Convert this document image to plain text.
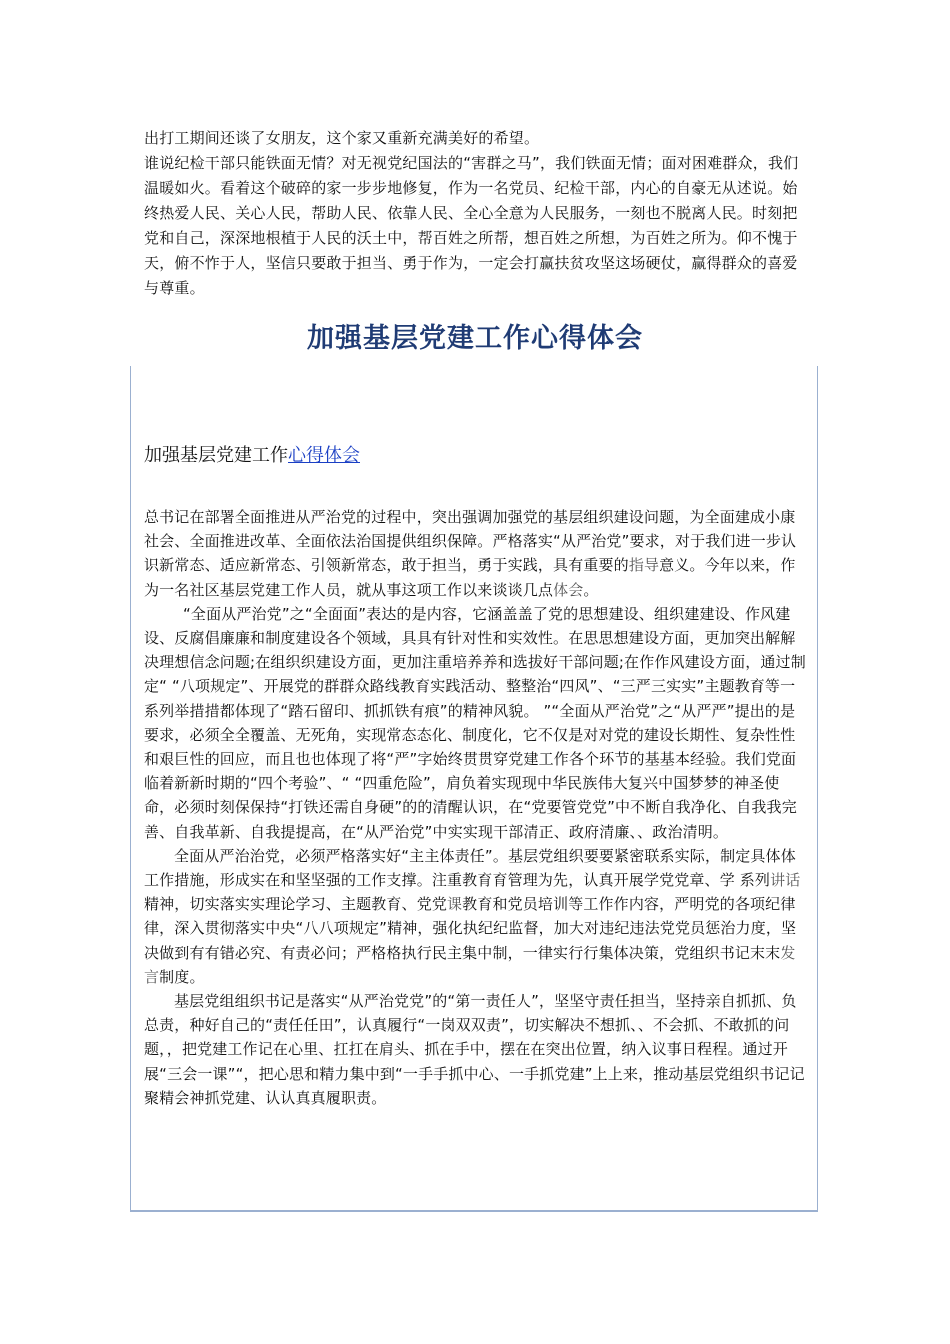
出打工期间还谈了女朋友，这个家又重新充满美好的希望。

谁说纪检干部只能铁面无情？对无视党纪国法的“害群之马”，我们铁面无情；面对困难群众，我们温暖如火。看着这个破碎的家一步步地修复，作为一名党员、纪检干部，内心的自豪无从述说。始终热爱人民、关心人民，帮助人民、依靠人民、全心全意为人民服务，一刻也不脱离人民。时刻把党和自己，深深地根植于人民的沃土中，帮百姓之所帮，想百姓之所想，为百姓之所为。仰不愧于天，俯不怍于人，坚信只要敢于担当、勇于作为，一定会打赢扶贫攻坚这场硬仗，赢得群众的喜爱与尊重。

加强基层党建工作心得体会
加强基层党建工作心得体会

总书记在部署全面推进从严治党的过程中，突出强调加强党的基层组织建设问题，为全面建成小康社会、全面推进改革、全面依法治国提供组织保障。严格落实“从严治党”要求，对于我们进一步认识新常态、适应新常态、引领新常态，敢于担当，勇于实践，具有重要的指导意义。今年以来，作为一名社区基层党建工作人员，就从事这项工作以来谈谈几点体会。

“全面从严治党”之“全面面”表达的是内容，它涵盖盖了党的思想建设、组织建建设、作风建设、反腐倡廉廉和制度建设各个领域，具具有针对性和实效性。在思思想建设方面，更加突出解解决理想信念问题;在组织织建设方面，更加注重培养养和选拔好干部问题;在作作风建设方面，通过制定“ “八项规定”、开展党的群群众路线教育实践活动、整整治“四风”、“三严三实实”主题教育等一系列举措措都体现了“踏石留印、抓抓铁有痕”的精神风貌。 ”“全面从严治党”之“从严严”提出的是要求，必须全全覆盖、无死角，实现常态态化、制度化，它不仅是对对党的建设长期性、复杂性性和艰巨性的回应，而且也也体现了将“严”字始终贯贯穿党建工作各个环节的基基本经验。我们党面临着新新时期的“四个考验”、“ “四重危险”，肩负着实现现中华民族伟大复兴中国梦梦的神圣使命，必须时刻保保持“打铁还需自身硬”的的清醒认识，在“党要管党党”中不断自我净化、自我我完善、自我革新、自我提提高，在“从严治党”中实实现干部清正、政府清廉、、政治清明。

全面从严治治党，必须严格落实好“主主体责任”。基层党组织要要紧密联系实际，制定具体体工作措施，形成实在和坚坚强的工作支撑。注重教育育管理为先，认真开展学党党章、学 系列讲话精神，切实落实实理论学习、主题教育、党党课教育和党员培训等工作作内容，严明党的各项纪律律，深入贯彻落实中央“八八项规定”精神，强化执纪纪监督，加大对违纪违法党党员惩治力度，坚决做到有有错必究、有责必问；严格格执行民主集中制，一律实行行集体决策，党组织书记末末发言制度。

基层党组组织书记是落实“从严治党党”的“第一责任人”，坚坚守责任担当，坚持亲自抓抓、负总责，种好自己的“责任任田”，认真履行“一岗双双责”，切实解决不想抓、、不会抓、不敢抓的问题，，把党建工作记在心里、扛扛在肩头、抓在手中，摆在在突出位置，纳入议事日程程。通过开展“三会一课”“，把心思和精力集中到“一手手抓中心、一手抓党建”上上来，推动基层党组织书记记聚精会神抓党建、认认真真履职责。
